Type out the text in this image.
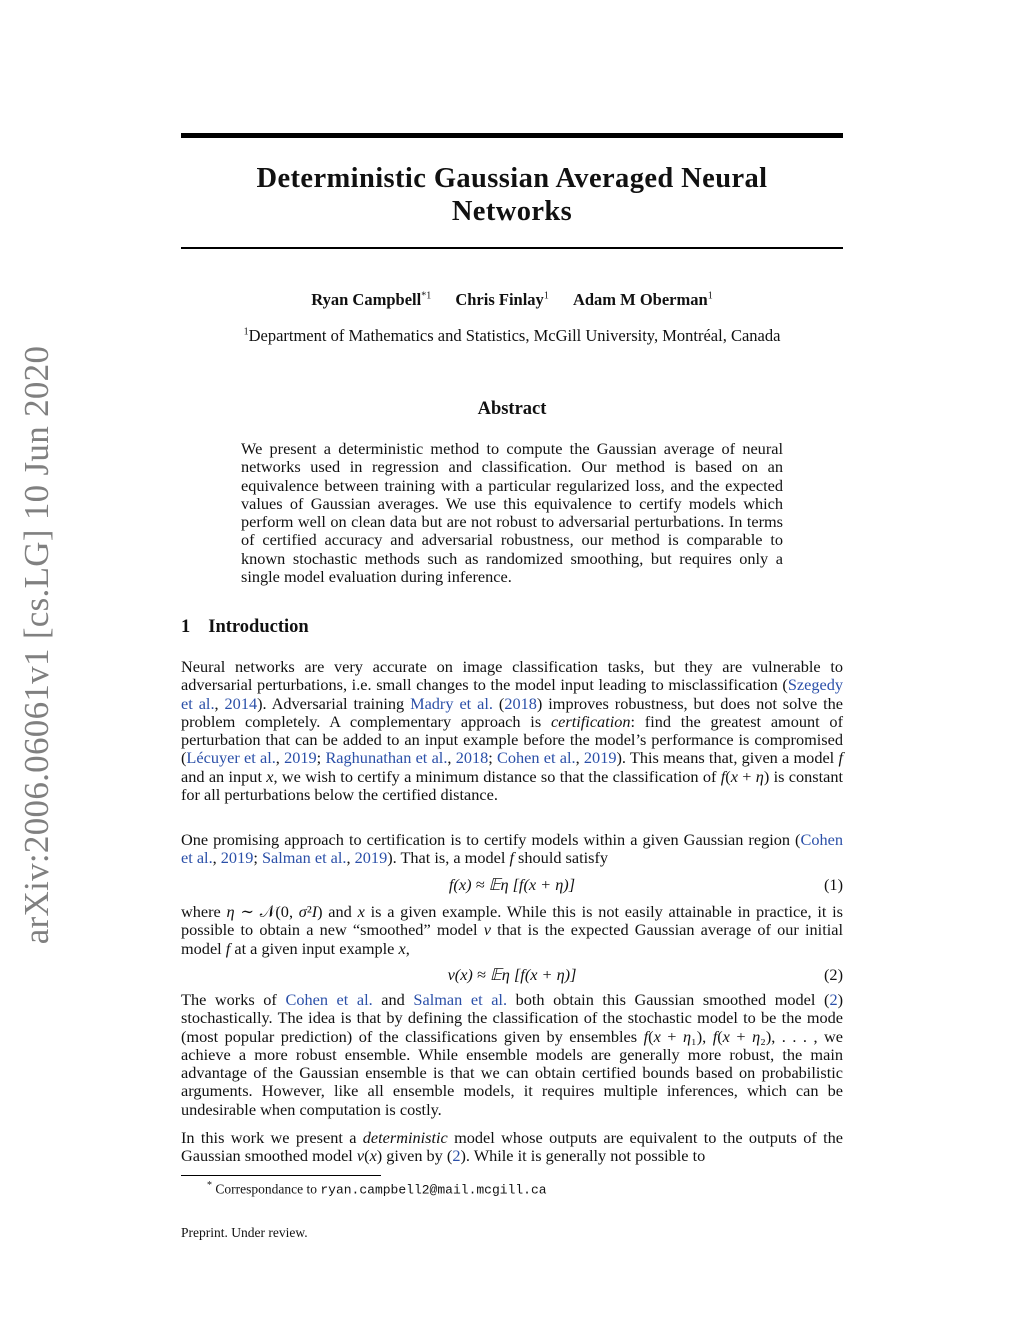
arXiv:2006.06061v1 [cs.LG] 10 Jun 2020
Deterministic Gaussian Averaged Neural
Networks
Ryan Campbell$^{*1}$ Chris Finlay$^1$ Adam M Oberman$^1$
$^1$Department of Mathematics and Statistics, McGill University, Montréal, Canada
Abstract
We present a deterministic method to compute the Gaussian average of neural networks used in regression and classification. Our method is based on an equivalence between training with a particular regularized loss, and the expected values of Gaussian averages. We use this equivalence to certify models which perform well on clean data but are not robust to adversarial perturbations. In terms of certified accuracy and adversarial robustness, our method is comparable to known stochastic methods such as randomized smoothing, but requires only a single model evaluation during inference.
1 Introduction
Neural networks are very accurate on image classification tasks, but they are vulnerable to adversarial perturbations, i.e. small changes to the model input leading to misclassification (Szegedy et al., 2014). Adversarial training Madry et al. (2018) improves robustness, but does not solve the problem completely. A complementary approach is certification: find the greatest amount of perturbation that can be added to an input example before the model’s performance is compromised (Lécuyer et al., 2019; Raghunathan et al., 2018; Cohen et al., 2019). This means that, given a model f and an input x, we wish to certify a minimum distance so that the classification of f(x + η) is constant for all perturbations below the certified distance.
One promising approach to certification is to certify models within a given Gaussian region (Cohen et al., 2019; Salman et al., 2019). That is, a model f should satisfy
f(x) ≈ 𝔼η [f(x + η)]	(1)
where η ∼ 𝒩(0, σ²I) and x is a given example. While this is not easily attainable in practice, it is possible to obtain a new “smoothed” model v that is the expected Gaussian average of our initial model f at a given input example x,
v(x) ≈ 𝔼η [f(x + η)]	(2)
The works of Cohen et al. and Salman et al. both obtain this Gaussian smoothed model (2) stochastically. The idea is that by defining the classification of the stochastic model to be the mode (most popular prediction) of the classifications given by ensembles f(x + η₁), f(x + η₂), . . . , we achieve a more robust ensemble. While ensemble models are generally more robust, the main advantage of the Gaussian ensemble is that we can obtain certified bounds based on probabilistic arguments. However, like all ensemble models, it requires multiple inferences, which can be undesirable when computation is costly.
In this work we present a deterministic model whose outputs are equivalent to the outputs of the Gaussian smoothed model v(x) given by (2). While it is generally not possible to
* Correspondance to ryan.campbell2@mail.mcgill.ca
Preprint. Under review.
